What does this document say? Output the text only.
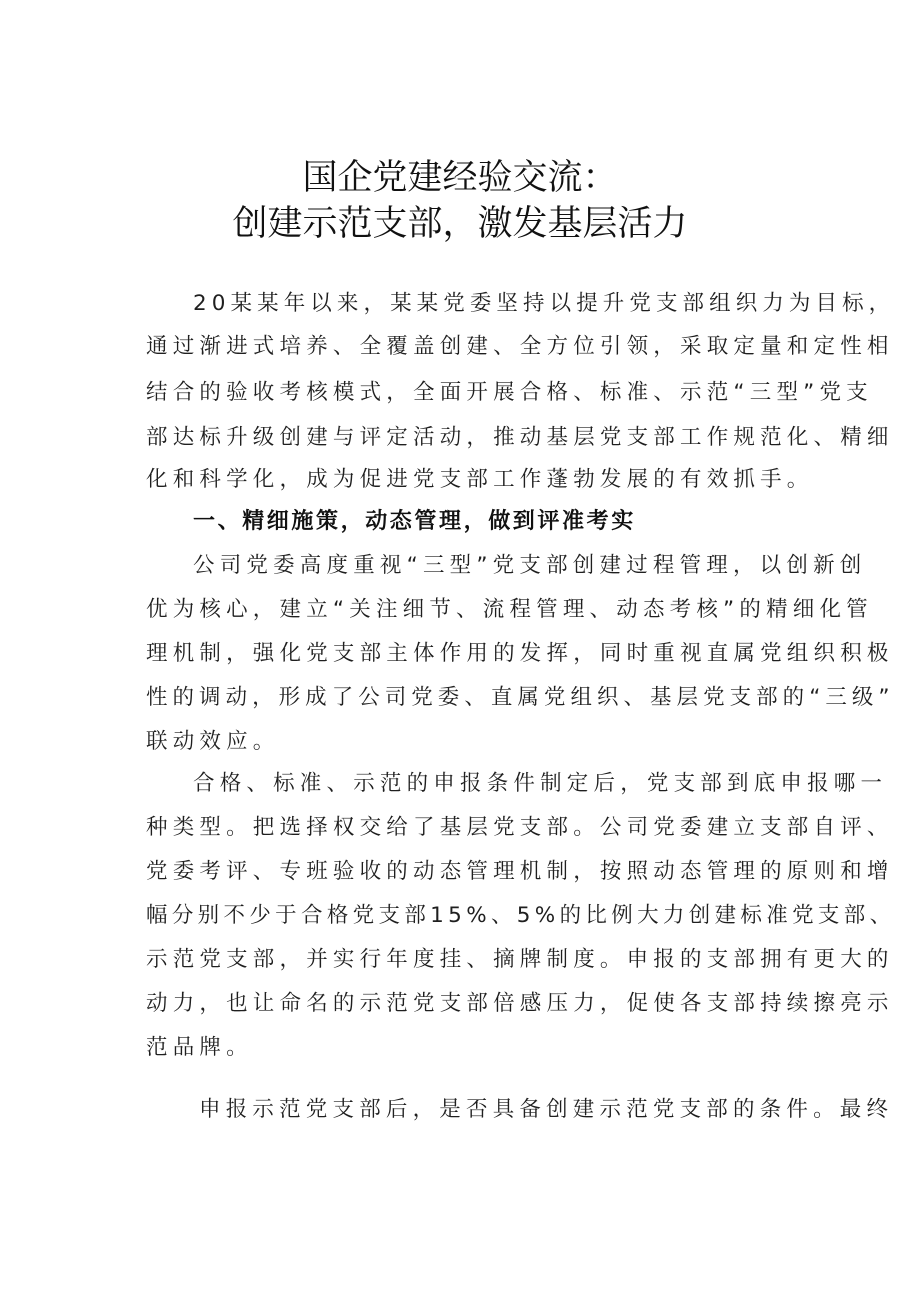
国企党建经验交流：
创建示范支部，激发基层活力
20某某年以来，某某党委坚持以提升党支部组织力为目标，
通过渐进式培养、全覆盖创建、全方位引领，采取定量和定性相
结合的验收考核模式，全面开展合格、标准、示范“三型”党支
部达标升级创建与评定活动，推动基层党支部工作规范化、精细
化和科学化，成为促进党支部工作蓬勃发展的有效抓手。
一、精细施策，动态管理，做到评准考实
公司党委高度重视“三型”党支部创建过程管理，以创新创
优为核心，建立“关注细节、流程管理、动态考核”的精细化管
理机制，强化党支部主体作用的发挥，同时重视直属党组织积极
性的调动，形成了公司党委、直属党组织、基层党支部的“三级”
联动效应。
合格、标准、示范的申报条件制定后，党支部到底申报哪一
种类型。把选择权交给了基层党支部。公司党委建立支部自评、
党委考评、专班验收的动态管理机制，按照动态管理的原则和增
幅分别不少于合格党支部15%、5%的比例大力创建标准党支部、
示范党支部，并实行年度挂、摘牌制度。申报的支部拥有更大的
动力，也让命名的示范党支部倍感压力，促使各支部持续擦亮示
范品牌。
申报示范党支部后，是否具备创建示范党支部的条件。最终
